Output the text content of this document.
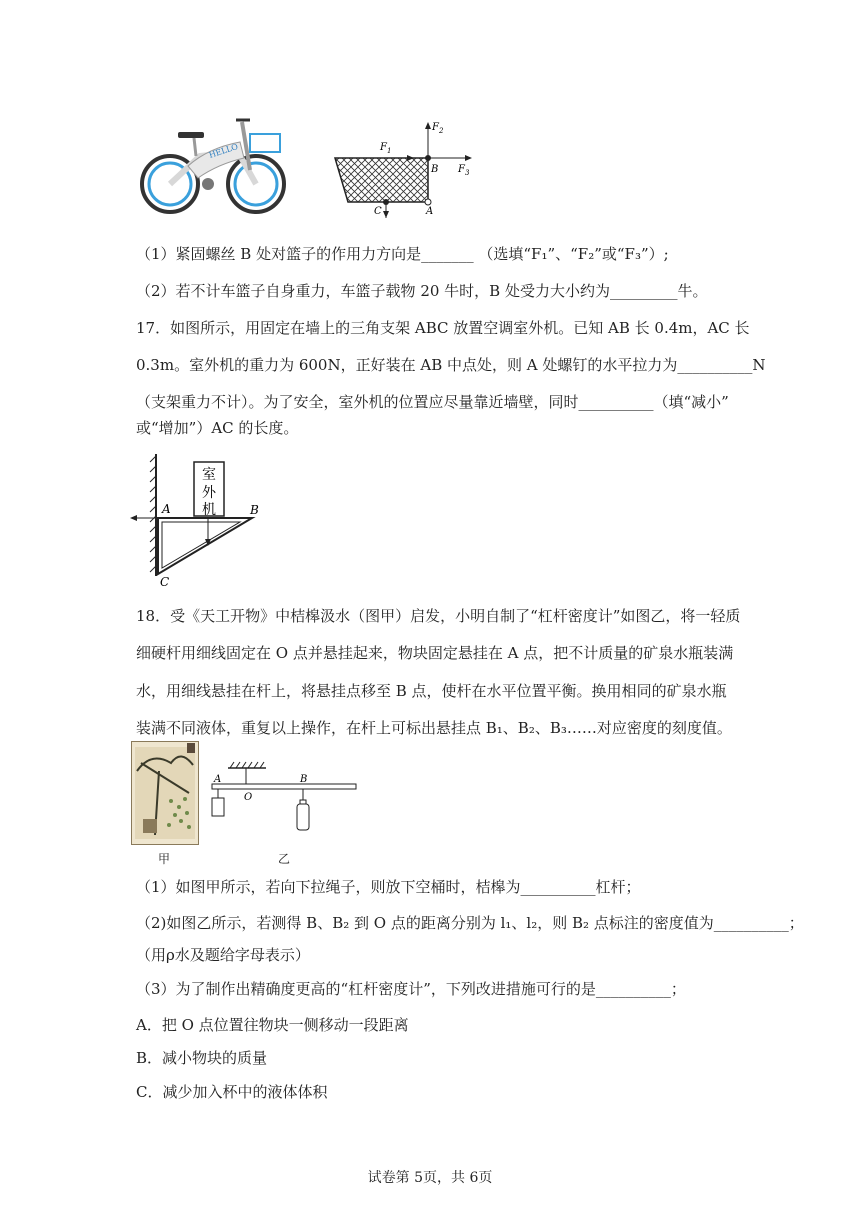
HELLO
$F_2$
$F_1$
$F_3$
B
A
C
（1）紧固螺丝 B 处对篮子的作用力方向是_______ （选填“F₁”、“F₂”或“F₃”）;
（2）若不计车篮子自身重力，车篮子载物 20 牛时，B 处受力大小约为_________牛。
17．如图所示，用固定在墙上的三角支架 ABC 放置空调室外机。已知 AB 长 0.4m，AC 长
0.3m。室外机的重力为 600N，正好装在 AB 中点处，则 A 处螺钉的水平拉力为__________N
（支架重力不计）。为了安全，室外机的位置应尽量靠近墙壁，同时__________（填“减小”
或“增加”）AC 的长度。
室
外
机
A	B
C
18．受《天工开物》中桔槔汲水（图甲）启发，小明自制了“杠杆密度计”如图乙，将一轻质
细硬杆用细线固定在 O 点并悬挂起来，物块固定悬挂在 A 点，把不计质量的矿泉水瓶装满
水，用细线悬挂在杆上，将悬挂点移至 B 点，使杆在水平位置平衡。换用相同的矿泉水瓶
装满不同液体，重复以上操作，在杆上可标出悬挂点 B₁、B₂、B₃……对应密度的刻度值。
甲
A
O
B
乙
（1）如图甲所示，若向下拉绳子，则放下空桶时，桔槔为__________杠杆；
（2)如图乙所示，若测得 B、B₂ 到 O 点的距离分别为 l₁、l₂，则 B₂ 点标注的密度值为__________；
（用ρ水及题给字母表示）
（3）为了制作出精确度更高的“杠杆密度计”，下列改进措施可行的是__________；
A．把 O 点位置往物块一侧移动一段距离
B．减小物块的质量
C．减少加入杯中的液体体积
试卷第 5页，共 6页
